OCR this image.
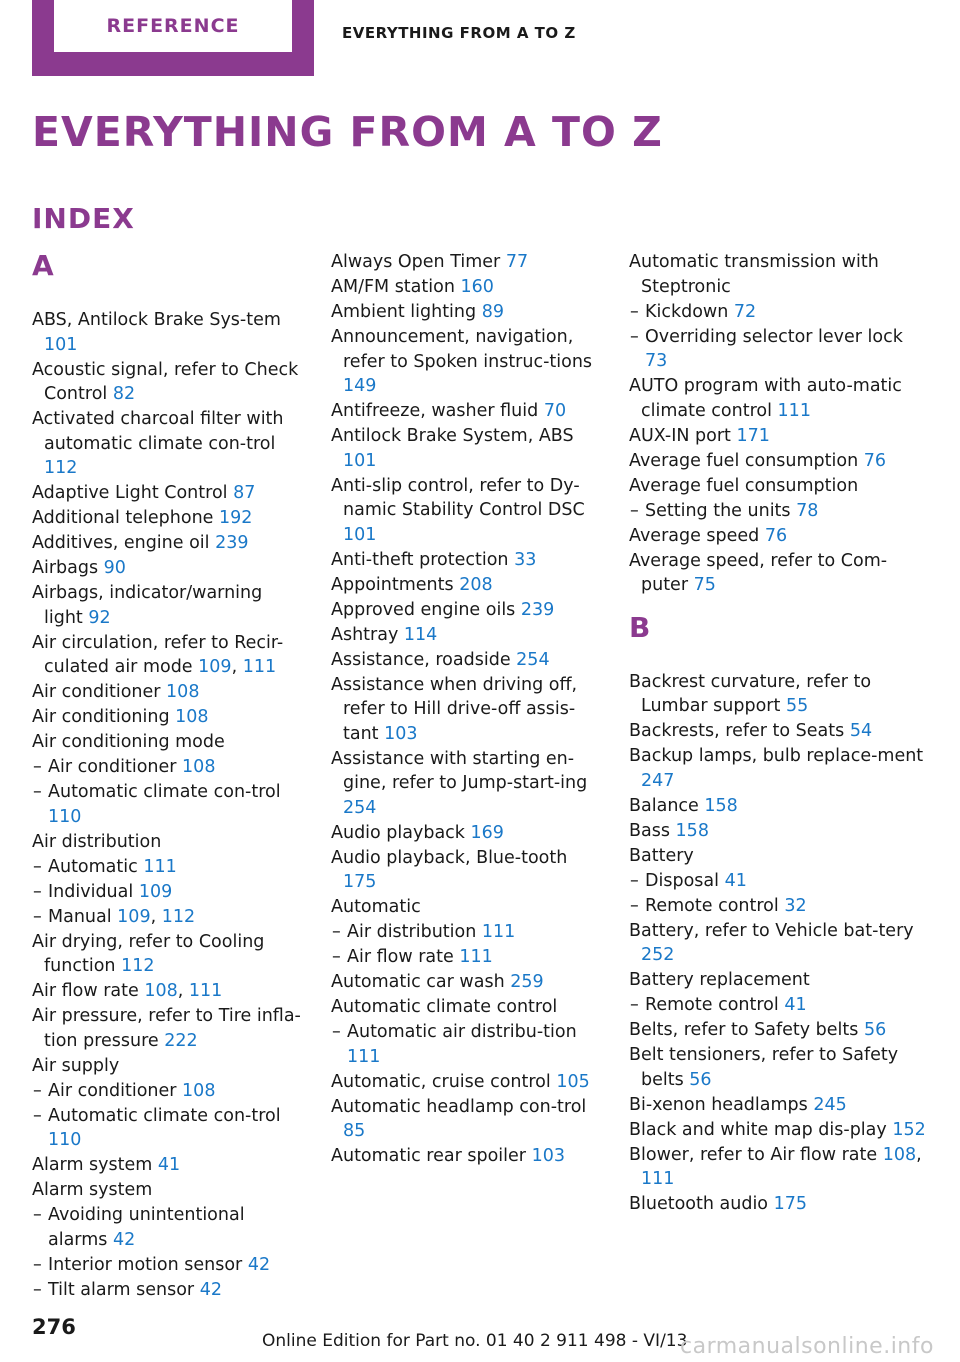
REFERENCE	EVERYTHING FROM A TO Z
EVERYTHING FROM A TO Z
INDEX
A
ABS, Antilock Brake Sys-tem 101
Acoustic signal, refer to Check Control 82
Activated charcoal filter with automatic climate con-trol 112
Adaptive Light Control 87
Additional telephone 192
Additives, engine oil 239
Airbags 90
Airbags, indicator/warning light 92
Air circulation, refer to Recir-culated air mode 109, 111
Air conditioner 108
Air conditioning 108
Air conditioning mode
– Air conditioner 108
– Automatic climate con-trol 110
Air distribution
– Automatic 111
– Individual 109
– Manual 109, 112
Air drying, refer to Cooling function 112
Air flow rate 108, 111
Air pressure, refer to Tire infla-tion pressure 222
Air supply
– Air conditioner 108
– Automatic climate con-trol 110
Alarm system 41
Alarm system
– Avoiding unintentional alarms 42
– Interior motion sensor 42
– Tilt alarm sensor 42
Always Open Timer 77
AM/FM station 160
Ambient lighting 89
Announcement, navigation, refer to Spoken instruc-tions 149
Antifreeze, washer fluid 70
Antilock Brake System, ABS 101
Anti-slip control, refer to Dy-namic Stability Control DSC 101
Anti-theft protection 33
Appointments 208
Approved engine oils 239
Ashtray 114
Assistance, roadside 254
Assistance when driving off, refer to Hill drive-off assis-tant 103
Assistance with starting en-gine, refer to Jump-start-ing 254
Audio playback 169
Audio playback, Blue-tooth 175
Automatic
– Air distribution 111
– Air flow rate 111
Automatic car wash 259
Automatic climate control
– Automatic air distribu-tion 111
Automatic, cruise control 105
Automatic headlamp con-trol 85
Automatic rear spoiler 103
Automatic transmission with Steptronic
– Kickdown 72
– Overriding selector lever lock 73
AUTO program with auto-matic climate control 111
AUX-IN port 171
Average fuel consumption 76
Average fuel consumption
– Setting the units 78
Average speed 76
Average speed, refer to Com-puter 75
B
Backrest curvature, refer to Lumbar support 55
Backrests, refer to Seats 54
Backup lamps, bulb replace-ment 247
Balance 158
Bass 158
Battery
– Disposal 41
– Remote control 32
Battery, refer to Vehicle bat-tery 252
Battery replacement
– Remote control 41
Belts, refer to Safety belts 56
Belt tensioners, refer to Safety belts 56
Bi-xenon headlamps 245
Black and white map dis-play 152
Blower, refer to Air flow rate 108, 111
Bluetooth audio 175
276
Online Edition for Part no. 01 40 2 911 498 - VI/13
carmanualsonline.info
